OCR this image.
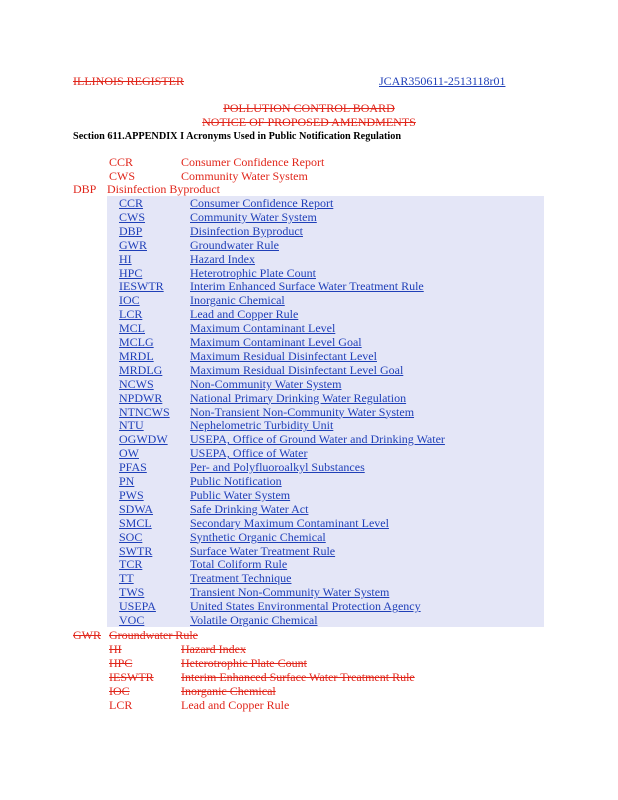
ILLINOIS REGISTER	JCAR350611-2513118r01
POLLUTION CONTROL BOARD
NOTICE OF PROPOSED AMENDMENTS
Section 611.APPENDIX I Acronyms Used in Public Notification Regulation
CCR	Consumer Confidence Report
CWS	Community Water System
DBP Disinfection Byproduct
CCR	Consumer Confidence Report
CWS	Community Water System
DBP	Disinfection Byproduct
GWR	Groundwater Rule
HI	Hazard Index
HPC	Heterotrophic Plate Count
IESWTR Interim Enhanced Surface Water Treatment Rule
IOC	Inorganic Chemical
LCR	Lead and Copper Rule
MCL	Maximum Contaminant Level
MCLG	Maximum Contaminant Level Goal
MRDL	Maximum Residual Disinfectant Level
MRDLG Maximum Residual Disinfectant Level Goal
NCWS	Non-Community Water System
NPDWR National Primary Drinking Water Regulation
NTNCWS Non-Transient Non-Community Water System
NTU	Nephelometric Turbidity Unit
OGWDW USEPA, Office of Ground Water and Drinking Water
OW	USEPA, Office of Water
PFAS	Per- and Polyfluoroalkyl Substances
PN	Public Notification
PWS	Public Water System
SDWA	Safe Drinking Water Act
SMCL	Secondary Maximum Contaminant Level
SOC	Synthetic Organic Chemical
SWTR	Surface Water Treatment Rule
TCR	Total Coliform Rule
TT	Treatment Technique
TWS	Transient Non-Community Water System
USEPA	United States Environmental Protection Agency
VOC	Volatile Organic Chemical
GWR Groundwater Rule
HI	Hazard Index
HPC	Heterotrophic Plate Count
IESWTR Interim Enhanced Surface Water Treatment Rule
IOC	Inorganic Chemical
LCR	Lead and Copper Rule
